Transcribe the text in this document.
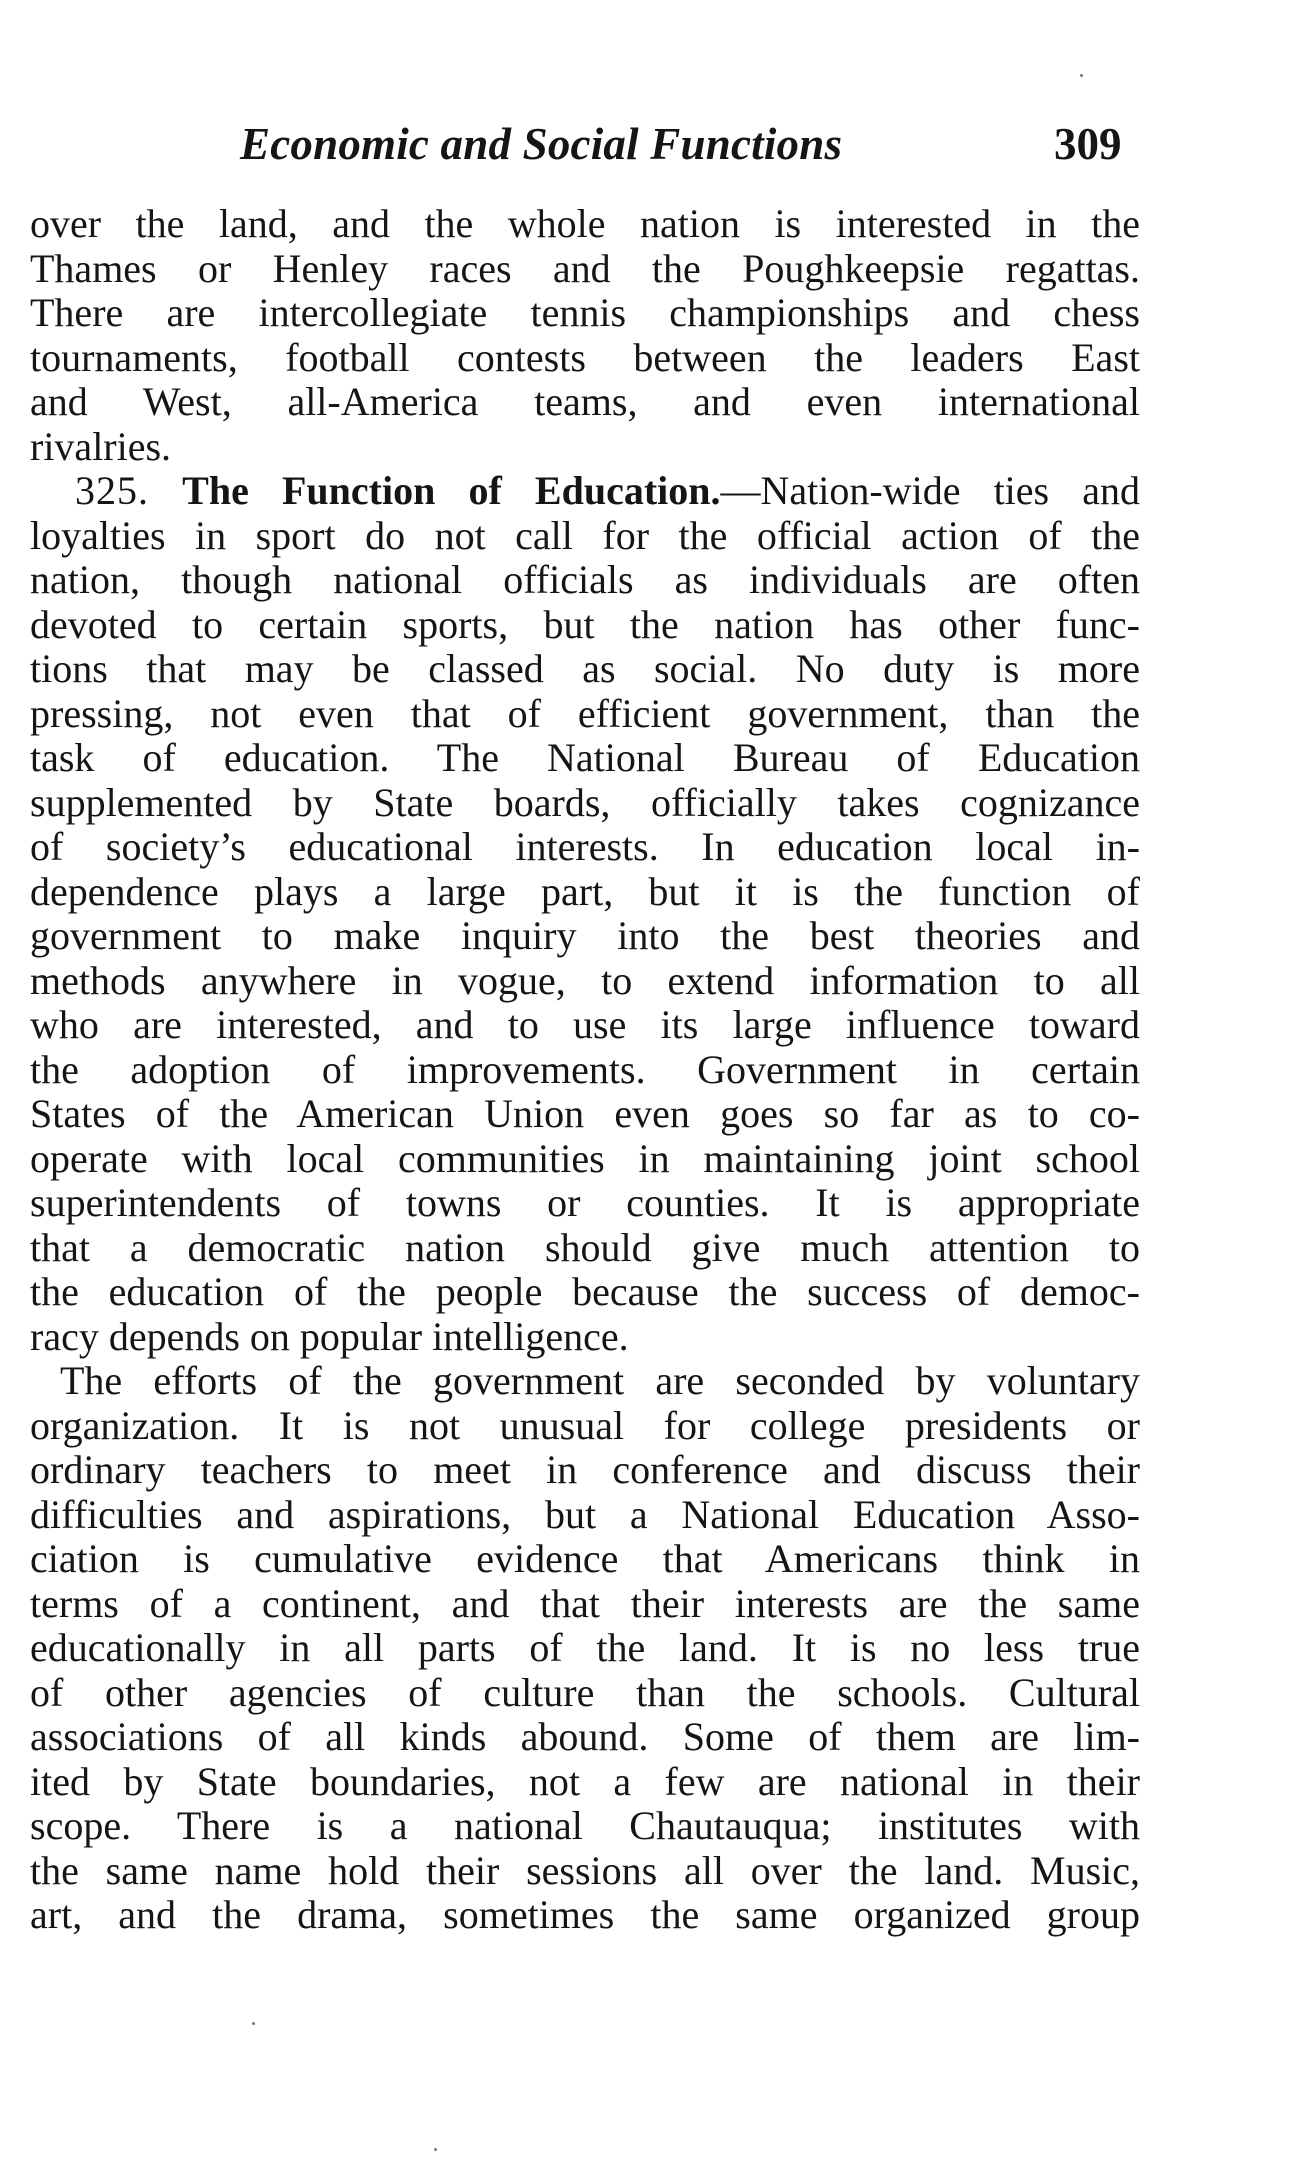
Economic and Social Functions	309
over the land, and the whole nation is interested in the
Thames or Henley races and the Poughkeepsie regattas.
There are intercollegiate tennis championships and chess
tournaments, football contests between the leaders East
and West, all-America teams, and even international
rivalries.
325. The Function of Education.—Nation-wide ties and
loyalties in sport do not call for the official action of the
nation, though national officials as individuals are often
devoted to certain sports, but the nation has other func-
tions that may be classed as social. No duty is more
pressing, not even that of efficient government, than the
task of education. The National Bureau of Education
supplemented by State boards, officially takes cognizance
of society’s educational interests. In education local in-
dependence plays a large part, but it is the function of
government to make inquiry into the best theories and
methods anywhere in vogue, to extend information to all
who are interested, and to use its large influence toward
the adoption of improvements. Government in certain
States of the American Union even goes so far as to co-
operate with local communities in maintaining joint school
superintendents of towns or counties. It is appropriate
that a democratic nation should give much attention to
the education of the people because the success of democ-
racy depends on popular intelligence.
The efforts of the government are seconded by voluntary
organization. It is not unusual for college presidents or
ordinary teachers to meet in conference and discuss their
difficulties and aspirations, but a National Education Asso-
ciation is cumulative evidence that Americans think in
terms of a continent, and that their interests are the same
educationally in all parts of the land. It is no less true
of other agencies of culture than the schools. Cultural
associations of all kinds abound. Some of them are lim-
ited by State boundaries, not a few are national in their
scope. There is a national Chautauqua; institutes with
the same name hold their sessions all over the land. Music,
art, and the drama, sometimes the same organized group
